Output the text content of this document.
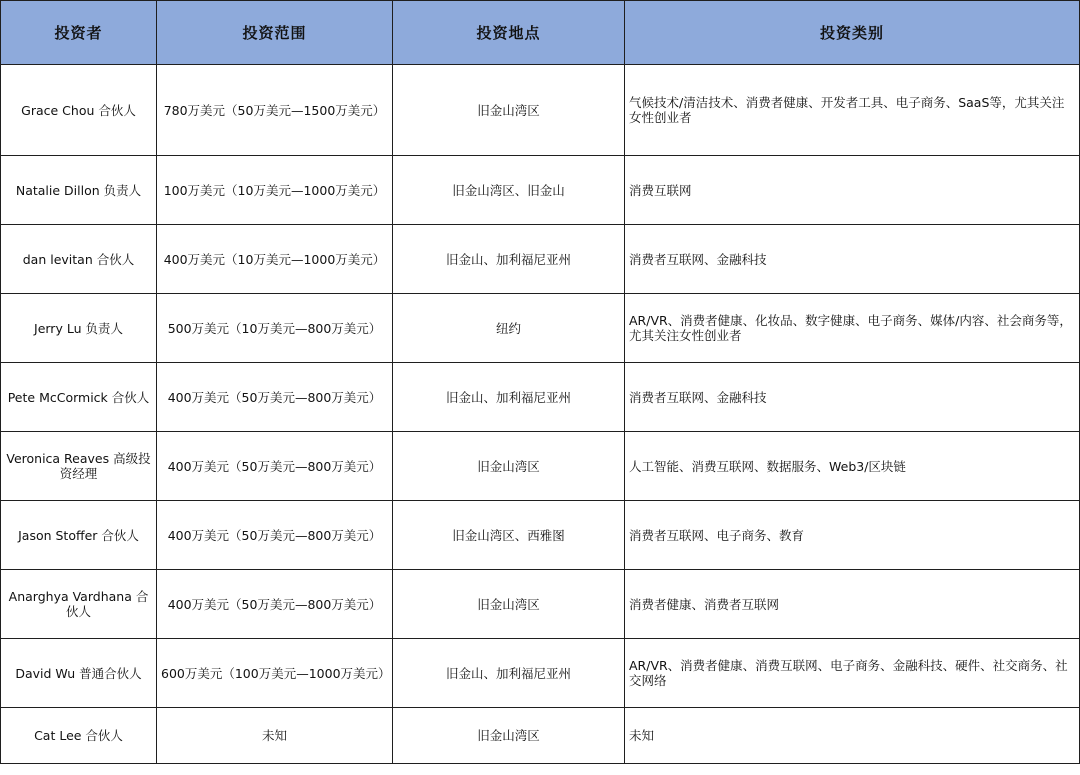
投资者	投资范围	投资地点	投资类别
Grace Chou 合伙人	780万美元（50万美元—1500万美元）	旧金山湾区	气候技术/清洁技术、消费者健康、开发者工具、电子商务、SaaS等，尤其关注女性创业者
Natalie Dillon 负责人	100万美元（10万美元—1000万美元）	旧金山湾区、旧金山	消费互联网
dan levitan 合伙人	400万美元（10万美元—1000万美元）	旧金山、加利福尼亚州	消费者互联网、金融科技
Jerry Lu 负责人	500万美元（10万美元—800万美元）	纽约	AR/VR、消费者健康、化妆品、数字健康、电子商务、媒体/内容、社会商务等，尤其关注女性创业者
Pete McCormick 合伙人	400万美元（50万美元—800万美元）	旧金山、加利福尼亚州	消费者互联网、金融科技
Veronica Reaves 高级投资经理	400万美元（50万美元—800万美元）	旧金山湾区	人工智能、消费互联网、数据服务、Web3/区块链
Jason Stoffer 合伙人	400万美元（50万美元—800万美元）	旧金山湾区、西雅图	消费者互联网、电子商务、教育
Anarghya Vardhana 合伙人	400万美元（50万美元—800万美元）	旧金山湾区	消费者健康、消费者互联网
David Wu 普通合伙人	600万美元（100万美元—1000万美元）	旧金山、加利福尼亚州	AR/VR、消费者健康、消费互联网、电子商务、金融科技、硬件、社交商务、社交网络
Cat Lee 合伙人	未知	旧金山湾区	未知
